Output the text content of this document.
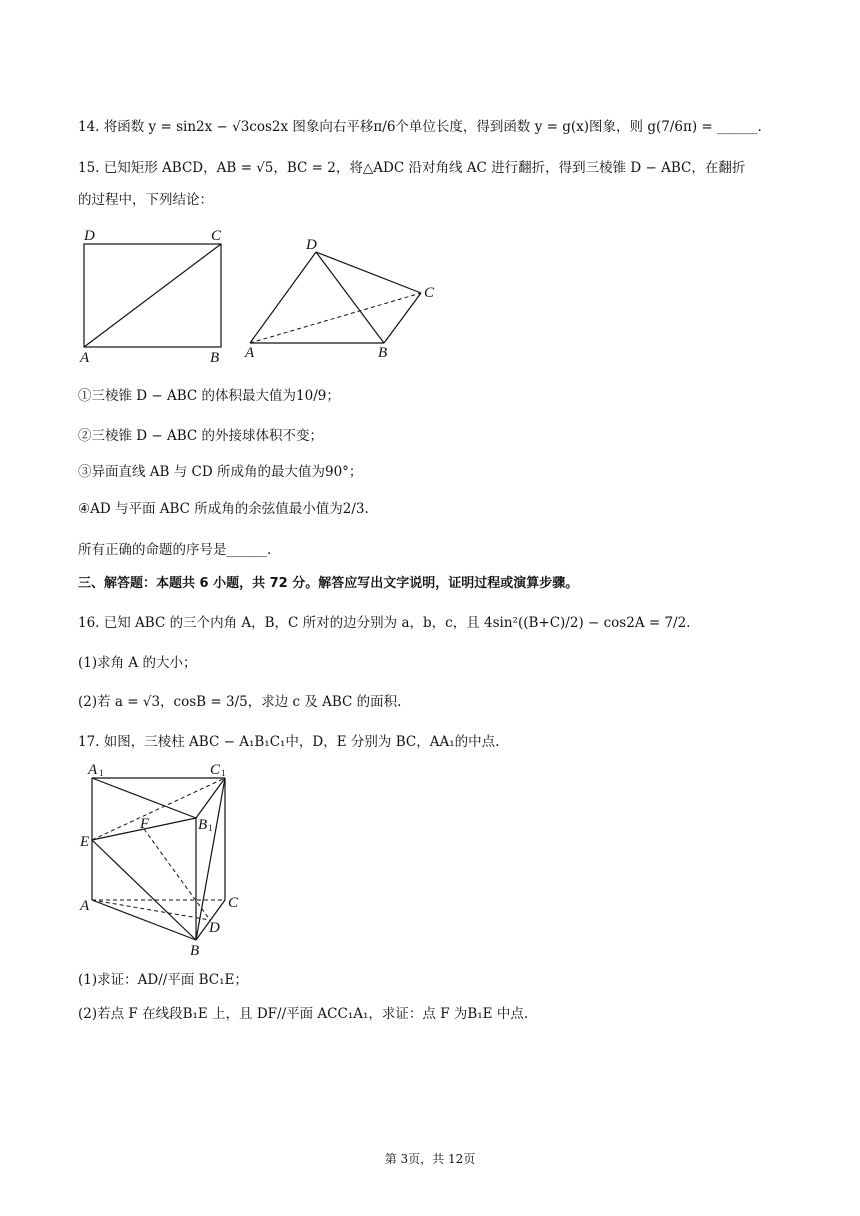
14. 将函数 y = sin2x − √3cos2x 图象向右平移π/6个单位长度，得到函数 y = g(x)图象，则 g(7/6π) = ______.
15. 已知矩形 ABCD，AB = √5，BC = 2，将△ADC 沿对角线 AC 进行翻折，得到三棱锥 D − ABC，在翻折
的过程中，下列结论：
D	C
A	B
D
C
A	B
①三棱锥 D − ABC 的体积最大值为10/9；
②三棱锥 D − ABC 的外接球体积不变；
③异面直线 AB 与 CD 所成角的最大值为90°；
④AD 与平面 ABC 所成角的余弦值最小值为2/3.
所有正确的命题的序号是______.
三、解答题：本题共 6 小题，共 72 分。解答应写出文字说明，证明过程或演算步骤。
16. 已知 ABC 的三个内角 A，B，C 所对的边分别为 a，b，c，且 4sin²((B+C)/2) − cos2A = 7/2.
(1)求角 A 的大小；
(2)若 a = √3，cosB = 3/5，求边 c 及 ABC 的面积.
17. 如图，三棱柱 ABC − A₁B₁C₁中，D，E 分别为 BC，AA₁的中点.
A 1	C 1
B 1
E
F
A	C
D
B
(1)求证：AD//平面 BC₁E；
(2)若点 F 在线段B₁E 上，且 DF//平面 ACC₁A₁，求证：点 F 为B₁E 中点.
第 3页，共 12页
